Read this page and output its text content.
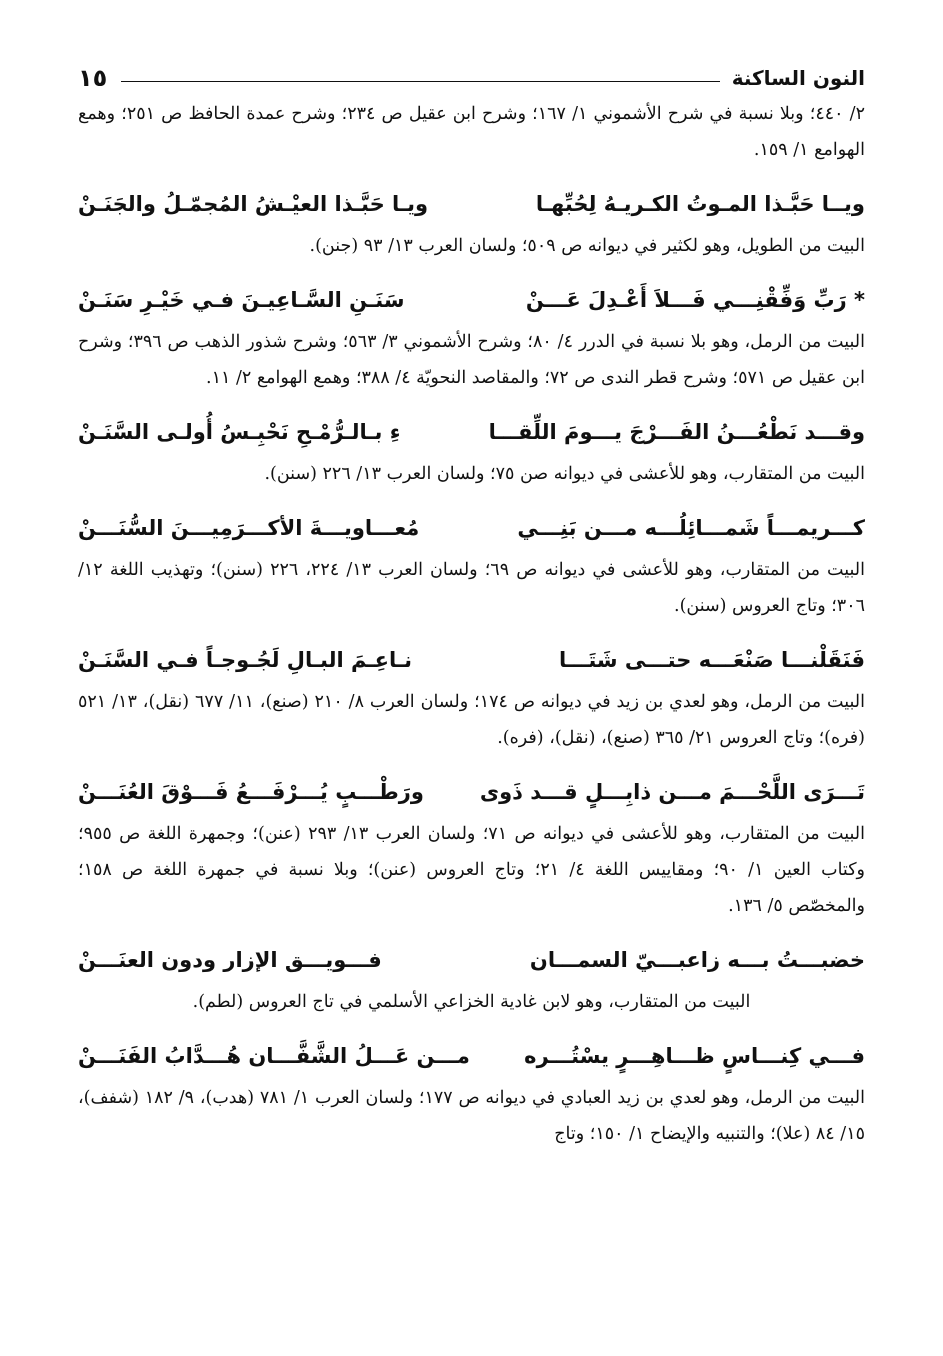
النون الساكنة
١٥

٢/ ٤٤٠؛ وبلا نسبة في شرح الأشموني ١/ ١٦٧؛ وشرح ابن عقيل ص ٢٣٤؛ وشرح عمدة الحافظ ص ٢٥١؛ وهمع الهوامع ١/ ١٥٩.

ويــا حَبَّـذا المـوتُ الكـريـهُ لِحُبِّهـا
ويـا حَبَّـذا العيْـشُ المُجمّـلُ والجَنَـنْ

البيت من الطويل، وهو لكثير في ديوانه ص ٥٠٩؛ ولسان العرب ١٣/ ٩٣ (جنن).

* رَبِّ وَفِّقْنِـــي فَـــلاَ أَعْـدِلَ عَـــنْ
سَنَـنِ السَّـاعِيـنَ فـي خَيْـرِ سَنَـنْ

البيت من الرمل، وهو بلا نسبة في الدرر ٤/ ٨٠؛ وشرح الأشموني ٣/ ٥٦٣؛ وشرح شذور الذهب ص ٣٩٦؛ وشرح ابن عقيل ص ٥٧١؛ وشرح قطر الندى ص ٧٢؛ والمقاصد النحويّة ٤/ ٣٨٨؛ وهمع الهوامع ٢/ ١١.

وقـــد نَطْعُـــنُ الفَـــرْجَ يـــومَ اللِّقـــا
ءِ بـالـرُّمْـحِ نَحْبِـسُ أُولـى السَّنَـنْ

البيت من المتقارب، وهو للأعشى في ديوانه صن ٧٥؛ ولسان العرب ١٣/ ٢٢٦ (سنن).

كـــريمـــاً شَمـــائِلُـــه مـــن بَنِـــي
مُعـــاويـــةَ الأكـــرَمِيـــنَ السُّنَـــنْ

البيت من المتقارب، وهو للأعشى في ديوانه ص ٦٩؛ ولسان العرب ١٣/ ٢٢٤، ٢٢٦ (سنن)؛ وتهذيب اللغة ١٢/ ٣٠٦؛ وتاج العروس (سنن).

فَنَقَلْنـــا صَنْعَـــه حتـــى شَتَـــا
نـاعِـمَ البـالِ لَجُـوجـاً فـي السَّنَـنْ

البيت من الرمل، وهو لعدي بن زيد في ديوانه ص ١٧٤؛ ولسان العرب ٨/ ٢١٠ (صنع)، ١١/ ٦٧٧ (نقل)، ١٣/ ٥٢١ (فره)؛ وتاج العروس ٢١/ ٣٦٥ (صنع)، (نقل)، (فره).

تَـــرَى اللَّحْـــمَ مـــن ذابِـــلٍ قـــد ذَوى
ورَطْـــبٍ يُـــرْفَـــعُ فَـــوْقَ العُنَـــنْ

البيت من المتقارب، وهو للأعشى في ديوانه ص ٧١؛ ولسان العرب ١٣/ ٢٩٣ (عنن)؛ وجمهرة اللغة ص ٩٥٥؛ وكتاب العين ١/ ٩٠؛ ومقاييس اللغة ٤/ ٢١؛ وتاج العروس (عنن)؛ وبلا نسبة في جمهرة اللغة ص ١٥٨؛ والمخصّص ٥/ ١٣٦.

خضبـــتُ بـــه زاعبـــيّ السمـــان
فـــويـــق الإزار ودون العنَـــنْ

البيت من المتقارب، وهو لابن غادية الخزاعي الأسلمي في تاج العروس (لطم).

فـــي كِنـــاسٍ ظـــاهِـــرٍ يسْتُـــره
مـــن عَـــلُ الشَّفَّـــان هُـــدَّابُ الفَنَـــنْ

البيت من الرمل، وهو لعدي بن زيد العبادي في ديوانه ص ١٧٧؛ ولسان العرب ١/ ٧٨١ (هدب)، ٩/ ١٨٢ (شفف)، ١٥/ ٨٤ (علا)؛ والتنبيه والإيضاح ١/ ١٥٠؛ وتاج
